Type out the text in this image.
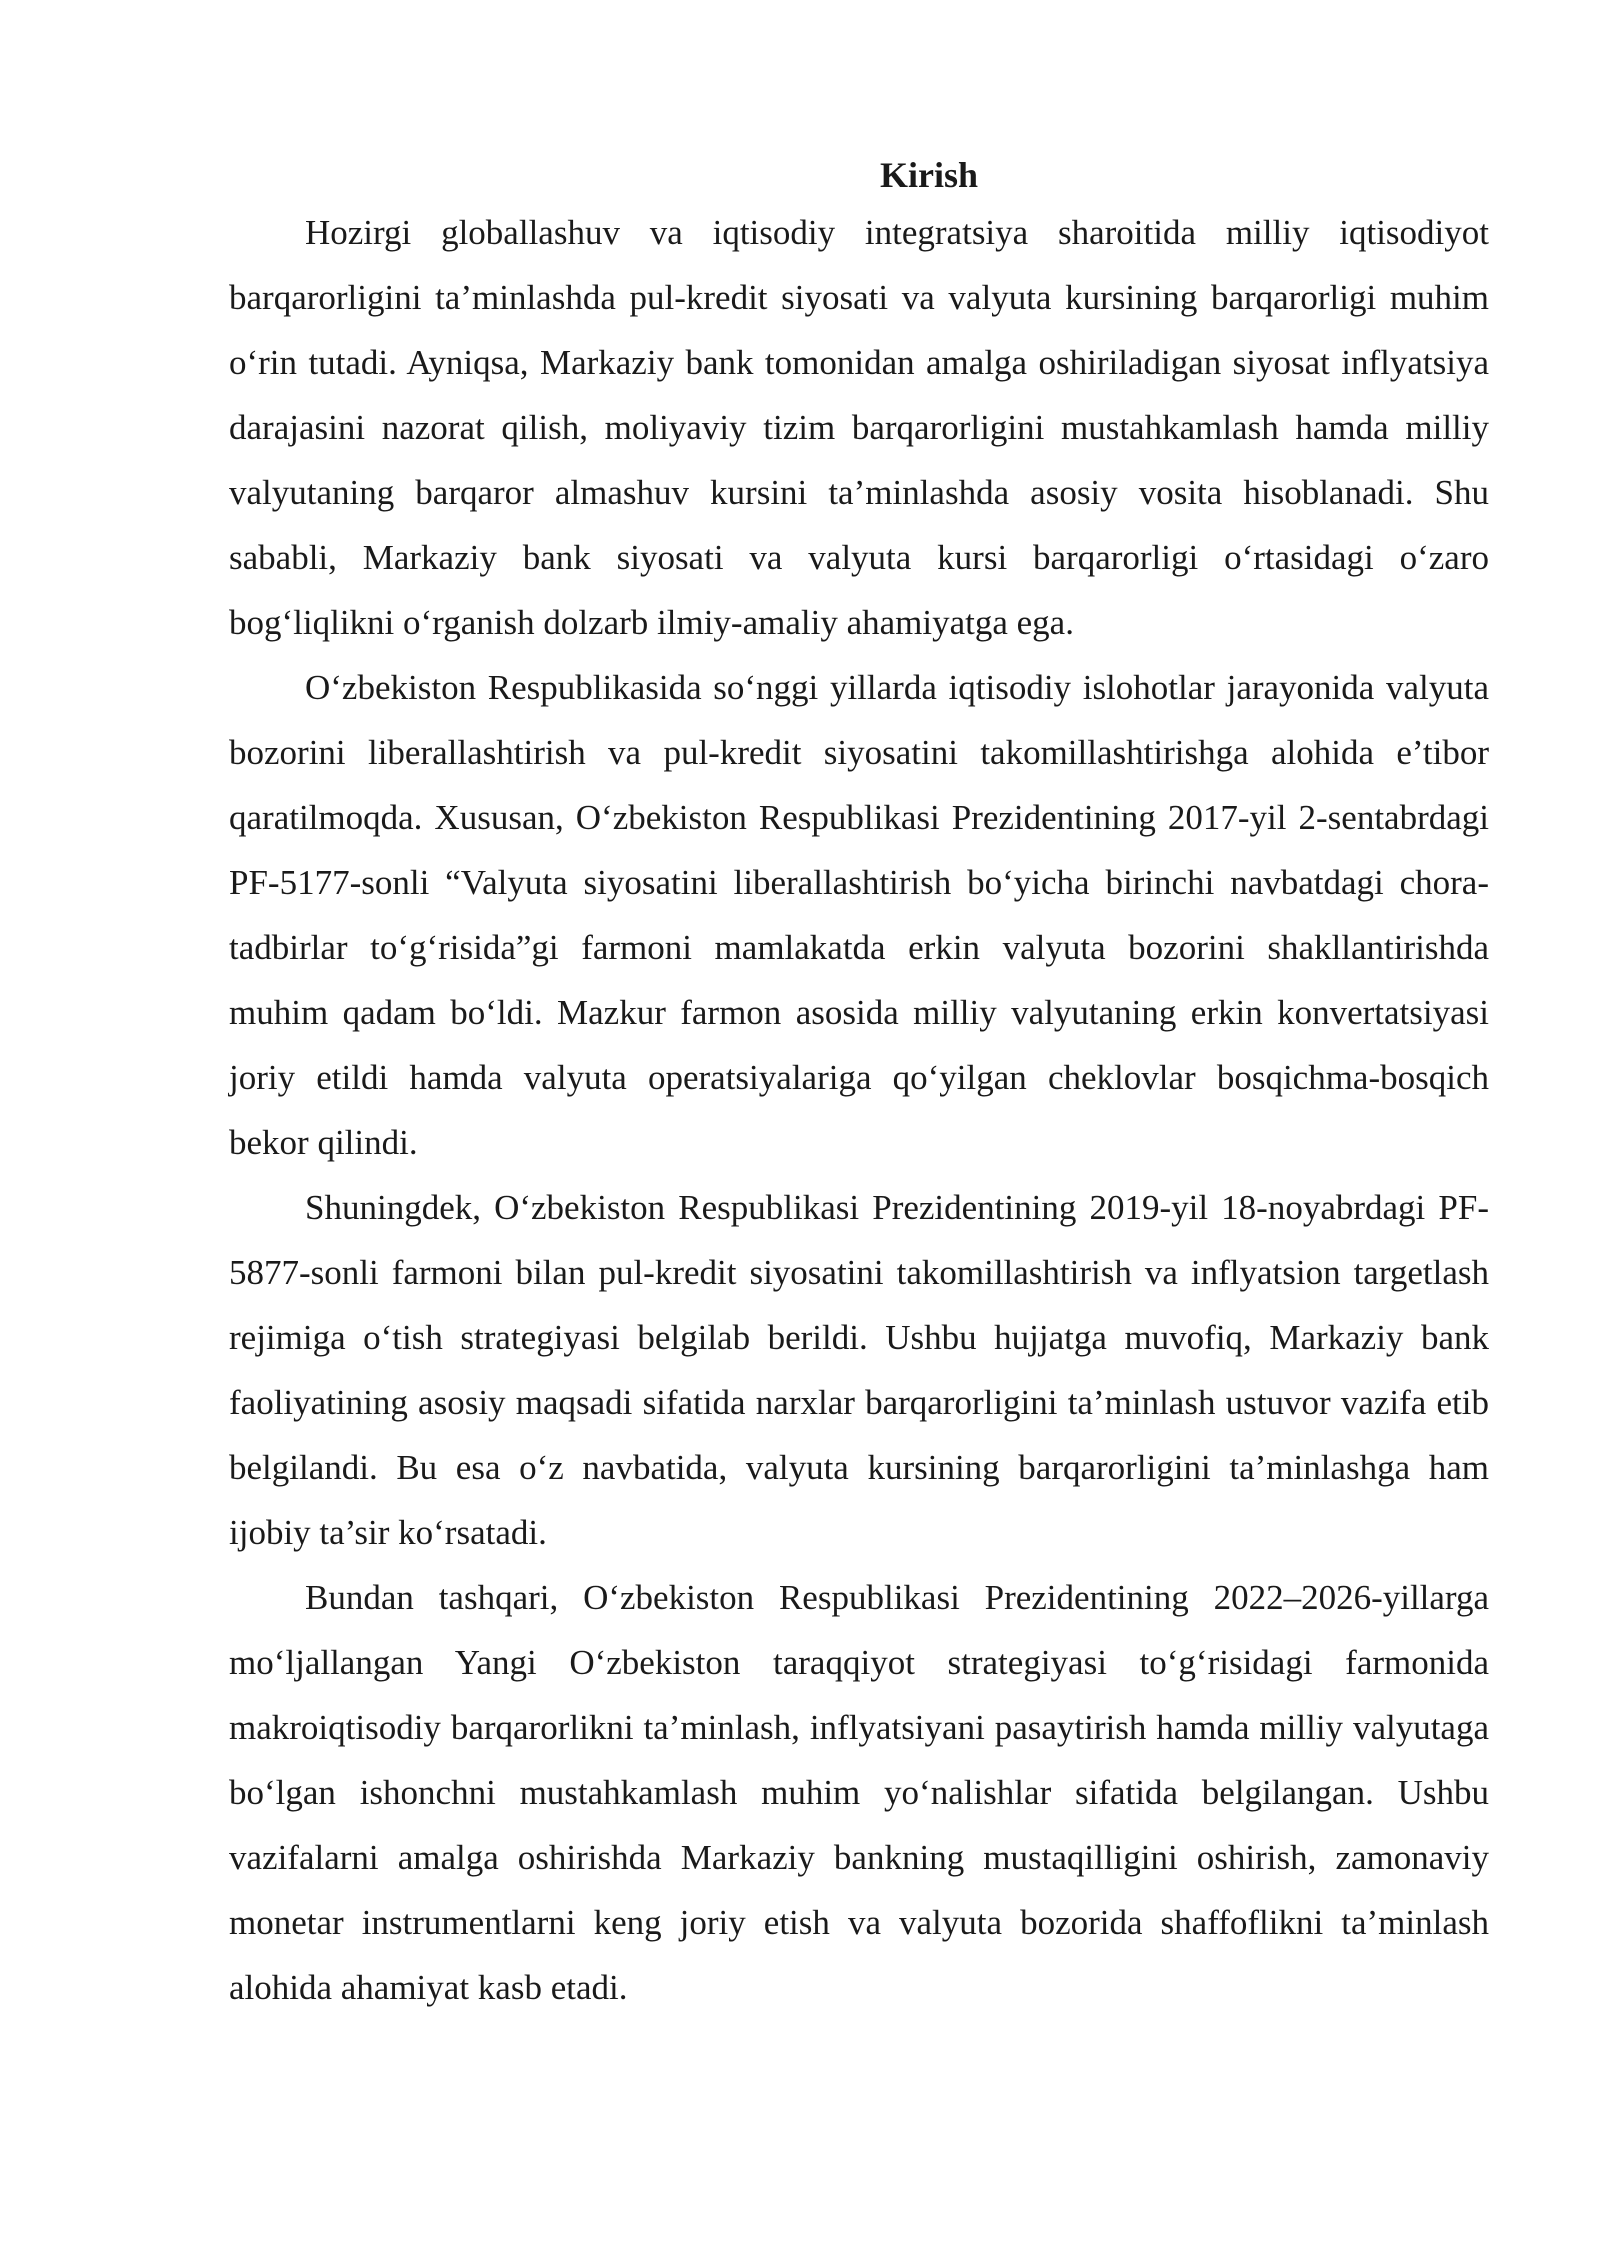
Kirish

Hozirgi globallashuv va iqtisodiy integratsiya sharoitida milliy iqtisodiyot barqarorligini ta’minlashda pul-kredit siyosati va valyuta kursining barqarorligi muhim o‘rin tutadi. Ayniqsa, Markaziy bank tomonidan amalga oshiriladigan siyosat inflyatsiya darajasini nazorat qilish, moliyaviy tizim barqarorligini mustahkamlash hamda milliy valyutaning barqaror almashuv kursini ta’minlashda asosiy vosita hisoblanadi. Shu sababli, Markaziy bank siyosati va valyuta kursi barqarorligi o‘rtasidagi o‘zaro bog‘liqlikni o‘rganish dolzarb ilmiy-amaliy ahamiyatga ega.

O‘zbekiston Respublikasida so‘nggi yillarda iqtisodiy islohotlar jarayonida valyuta bozorini liberallashtirish va pul-kredit siyosatini takomillashtirishga alohida e’tibor qaratilmoqda. Xususan, O‘zbekiston Respublikasi Prezidentining 2017-yil 2-sentabrdagi PF-5177-sonli “Valyuta siyosatini liberallashtirish bo‘yicha birinchi navbatdagi chora-tadbirlar to‘g‘risida”gi farmoni mamlakatda erkin valyuta bozorini shakllantirishda muhim qadam bo‘ldi. Mazkur farmon asosida milliy valyutaning erkin konvertatsiyasi joriy etildi hamda valyuta operatsiyalariga qo‘yilgan cheklovlar bosqichma-bosqich bekor qilindi.

Shuningdek, O‘zbekiston Respublikasi Prezidentining 2019-yil 18-noyabrdagi PF-5877-sonli farmoni bilan pul-kredit siyosatini takomillashtirish va inflyatsion targetlash rejimiga o‘tish strategiyasi belgilab berildi. Ushbu hujjatga muvofiq, Markaziy bank faoliyatining asosiy maqsadi sifatida narxlar barqarorligini ta’minlash ustuvor vazifa etib belgilandi. Bu esa o‘z navbatida, valyuta kursining barqarorligini ta’minlashga ham ijobiy ta’sir ko‘rsatadi.

Bundan tashqari, O‘zbekiston Respublikasi Prezidentining 2022–2026-yillarga mo‘ljallangan Yangi O‘zbekiston taraqqiyot strategiyasi to‘g‘risidagi farmonida makroiqtisodiy barqarorlikni ta’minlash, inflyatsiyani pasaytirish hamda milliy valyutaga bo‘lgan ishonchni mustahkamlash muhim yo‘nalishlar sifatida belgilangan. Ushbu vazifalarni amalga oshirishda Markaziy bankning mustaqilligini oshirish, zamonaviy monetar instrumentlarni keng joriy etish va valyuta bozorida shaffoflikni ta’minlash alohida ahamiyat kasb etadi.
